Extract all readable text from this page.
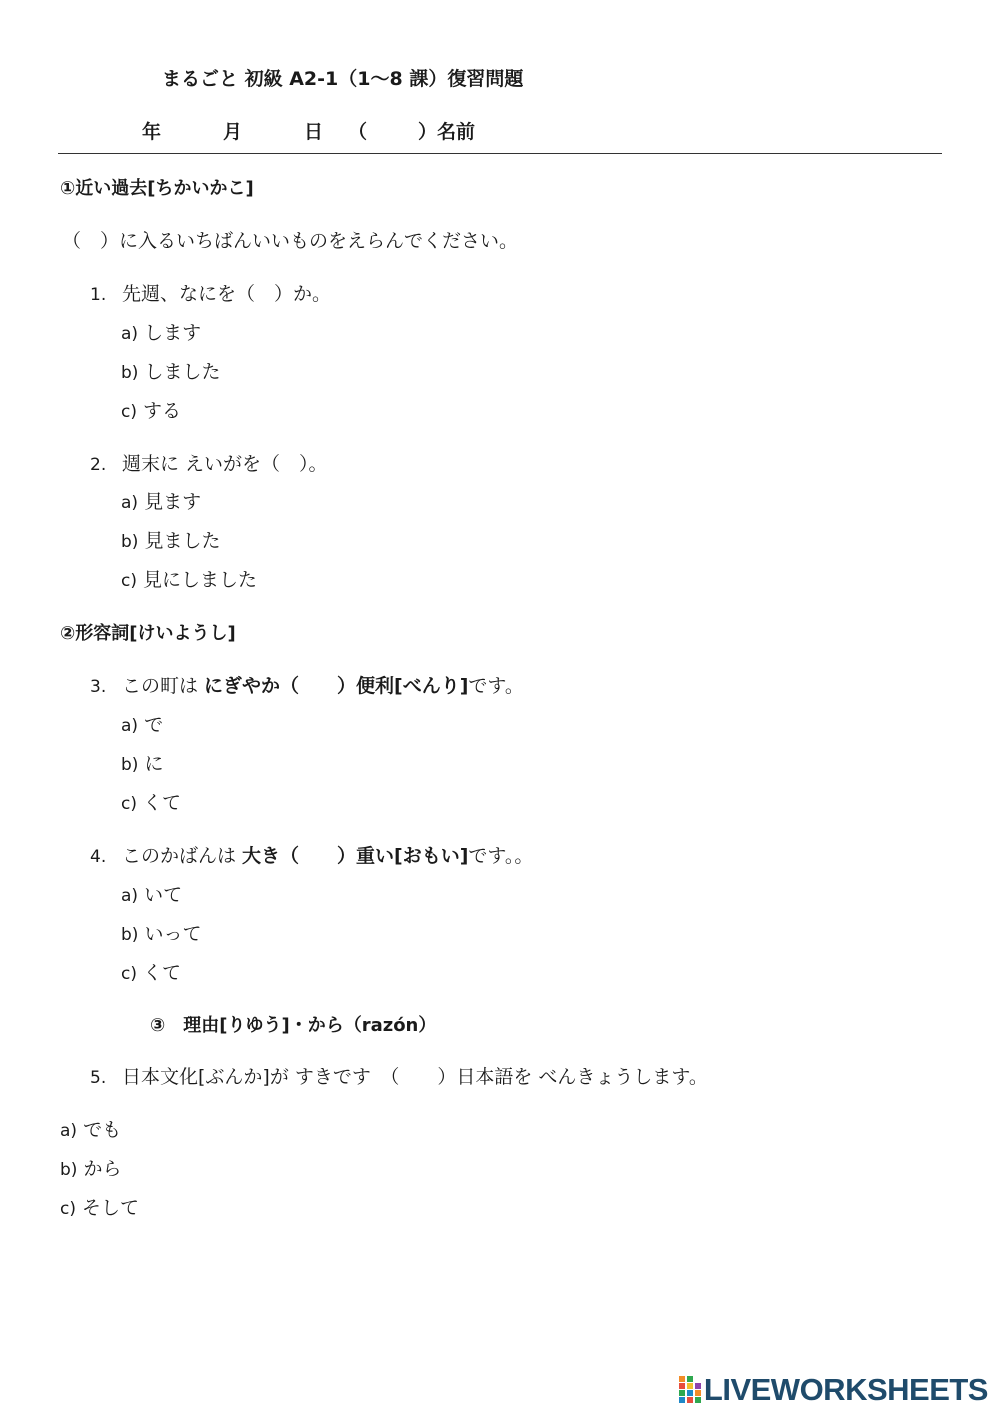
まるごと 初級 A2-1（1〜8 課）復習問題
年	月	日 （	）名前
①近い過去[ちかいかこ]
（　）に入るいちばんいいものをえらんでください。
1. 先週、なにを（　）か。
a) します
b) しました
c) する
2. 週末に えいがを（　）。
a) 見ます
b) 見ました
c) 見にしました
②形容詞[けいようし]
3. この町は にぎやか（　　）便利[べんり]です。
a) で
b) に
c) くて
4. このかばんは 大き（　　）重い[おもい]です。。
a) いて
b) いって
c) くて
③　理由[りゆう]・から（razón）
5. 日本文化[ぶんか]が すきです　（　　）日本語を べんきょうします。
a) でも
b) から
c) そして
LIVEWORKSHEETS
